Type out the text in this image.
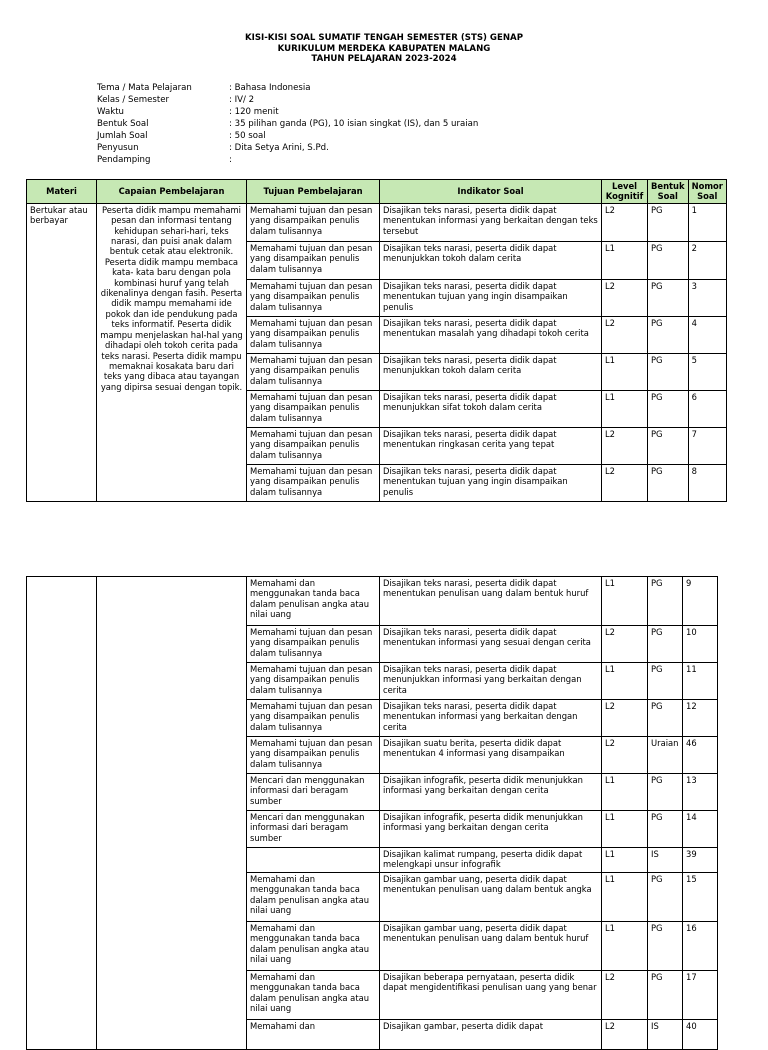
KISI-KISI SOAL SUMATIF TENGAH SEMESTER (STS) GENAP
KURIKULUM MERDEKA KABUPATEN MALANG
TAHUN PELAJARAN 2023-2024
Tema / Mata Pelajaran	: Bahasa Indonesia
Kelas / Semester	: IV/ 2
Waktu	: 120 menit
Bentuk Soal	: 35 pilihan ganda (PG), 10 isian singkat (IS), dan 5 uraian
Jumlah Soal	: 50 soal
Penyusun	: Dita Setya Arini, S.Pd.
Pendamping	:
Materi	Capaian Pembelajaran	Tujuan Pembelajaran	Indikator Soal	Level Kognitif	Bentuk Soal	Nomor Soal
Bertukar atau berbayar	Peserta didik mampu memahami pesan dan informasi tentang kehidupan sehari-hari, teks narasi, dan puisi anak dalam bentuk cetak atau elektronik. Peserta didik mampu membaca kata- kata baru dengan pola kombinasi huruf yang telah dikenalinya dengan fasih. Peserta didik mampu memahami ide pokok dan ide pendukung pada teks informatif. Peserta didik mampu menjelaskan hal-hal yang dihadapi oleh tokoh cerita pada teks narasi. Peserta didik mampu memaknai kosakata baru dari teks yang dibaca atau tayangan yang dipirsa sesuai dengan topik.	Memahami tujuan dan pesan yang disampaikan penulis dalam tulisannya	Disajikan teks narasi, peserta didik dapat menentukan informasi yang berkaitan dengan teks tersebut	L2	PG	1
		Memahami tujuan dan pesan yang disampaikan penulis dalam tulisannya	Disajikan teks narasi, peserta didik dapat menunjukkan tokoh dalam cerita	L1	PG	2
		Memahami tujuan dan pesan yang disampaikan penulis dalam tulisannya	Disajikan teks narasi, peserta didik dapat menentukan tujuan yang ingin disampaikan penulis	L2	PG	3
		Memahami tujuan dan pesan yang disampaikan penulis dalam tulisannya	Disajikan teks narasi, peserta didik dapat menentukan masalah yang dihadapi tokoh cerita	L2	PG	4
		Memahami tujuan dan pesan yang disampaikan penulis dalam tulisannya	Disajikan teks narasi, peserta didik dapat menunjukkan tokoh dalam cerita	L1	PG	5
		Memahami tujuan dan pesan yang disampaikan penulis dalam tulisannya	Disajikan teks narasi, peserta didik dapat menunjukkan sifat tokoh dalam cerita	L1	PG	6
		Memahami tujuan dan pesan yang disampaikan penulis dalam tulisannya	Disajikan teks narasi, peserta didik dapat menentukan ringkasan cerita yang tepat	L2	PG	7
		Memahami tujuan dan pesan yang disampaikan penulis dalam tulisannya	Disajikan teks narasi, peserta didik dapat menentukan tujuan yang ingin disampaikan penulis	L2	PG	8
		Memahami dan menggunakan tanda baca dalam penulisan angka atau nilai uang	Disajikan teks narasi, peserta didik dapat menentukan penulisan uang dalam bentuk huruf	L1	PG	9
		Memahami tujuan dan pesan yang disampaikan penulis dalam tulisannya	Disajikan teks narasi, peserta didik dapat menentukan informasi yang sesuai dengan cerita	L2	PG	10
		Memahami tujuan dan pesan yang disampaikan penulis dalam tulisannya	Disajikan teks narasi, peserta didik dapat menunjukkan informasi yang berkaitan dengan cerita	L1	PG	11
		Memahami tujuan dan pesan yang disampaikan penulis dalam tulisannya	Disajikan teks narasi, peserta didik dapat menentukan informasi yang berkaitan dengan cerita	L2	PG	12
		Memahami tujuan dan pesan yang disampaikan penulis dalam tulisannya	Disajikan suatu berita, peserta didik dapat menentukan 4 informasi yang disampaikan	L2	Uraian	46
		Mencari dan menggunakan informasi dari beragam sumber	Disajikan infografik, peserta didik menunjukkan informasi yang berkaitan dengan cerita	L1	PG	13
		Mencari dan menggunakan informasi dari beragam sumber	Disajikan infografik, peserta didik menunjukkan informasi yang berkaitan dengan cerita	L1	PG	14
			Disajikan kalimat rumpang, peserta didik dapat melengkapi unsur infografik	L1	IS	39
		Memahami dan menggunakan tanda baca dalam penulisan angka atau nilai uang	Disajikan gambar uang, peserta didik dapat menentukan penulisan uang dalam bentuk angka	L1	PG	15
		Memahami dan menggunakan tanda baca dalam penulisan angka atau nilai uang	Disajikan gambar uang, peserta didik dapat menentukan penulisan uang dalam bentuk huruf	L1	PG	16
		Memahami dan menggunakan tanda baca dalam penulisan angka atau nilai uang	Disajikan beberapa pernyataan, peserta didik dapat mengidentifikasi penulisan uang yang benar	L2	PG	17
		Memahami dan	Disajikan gambar, peserta didik dapat	L2	IS	40
